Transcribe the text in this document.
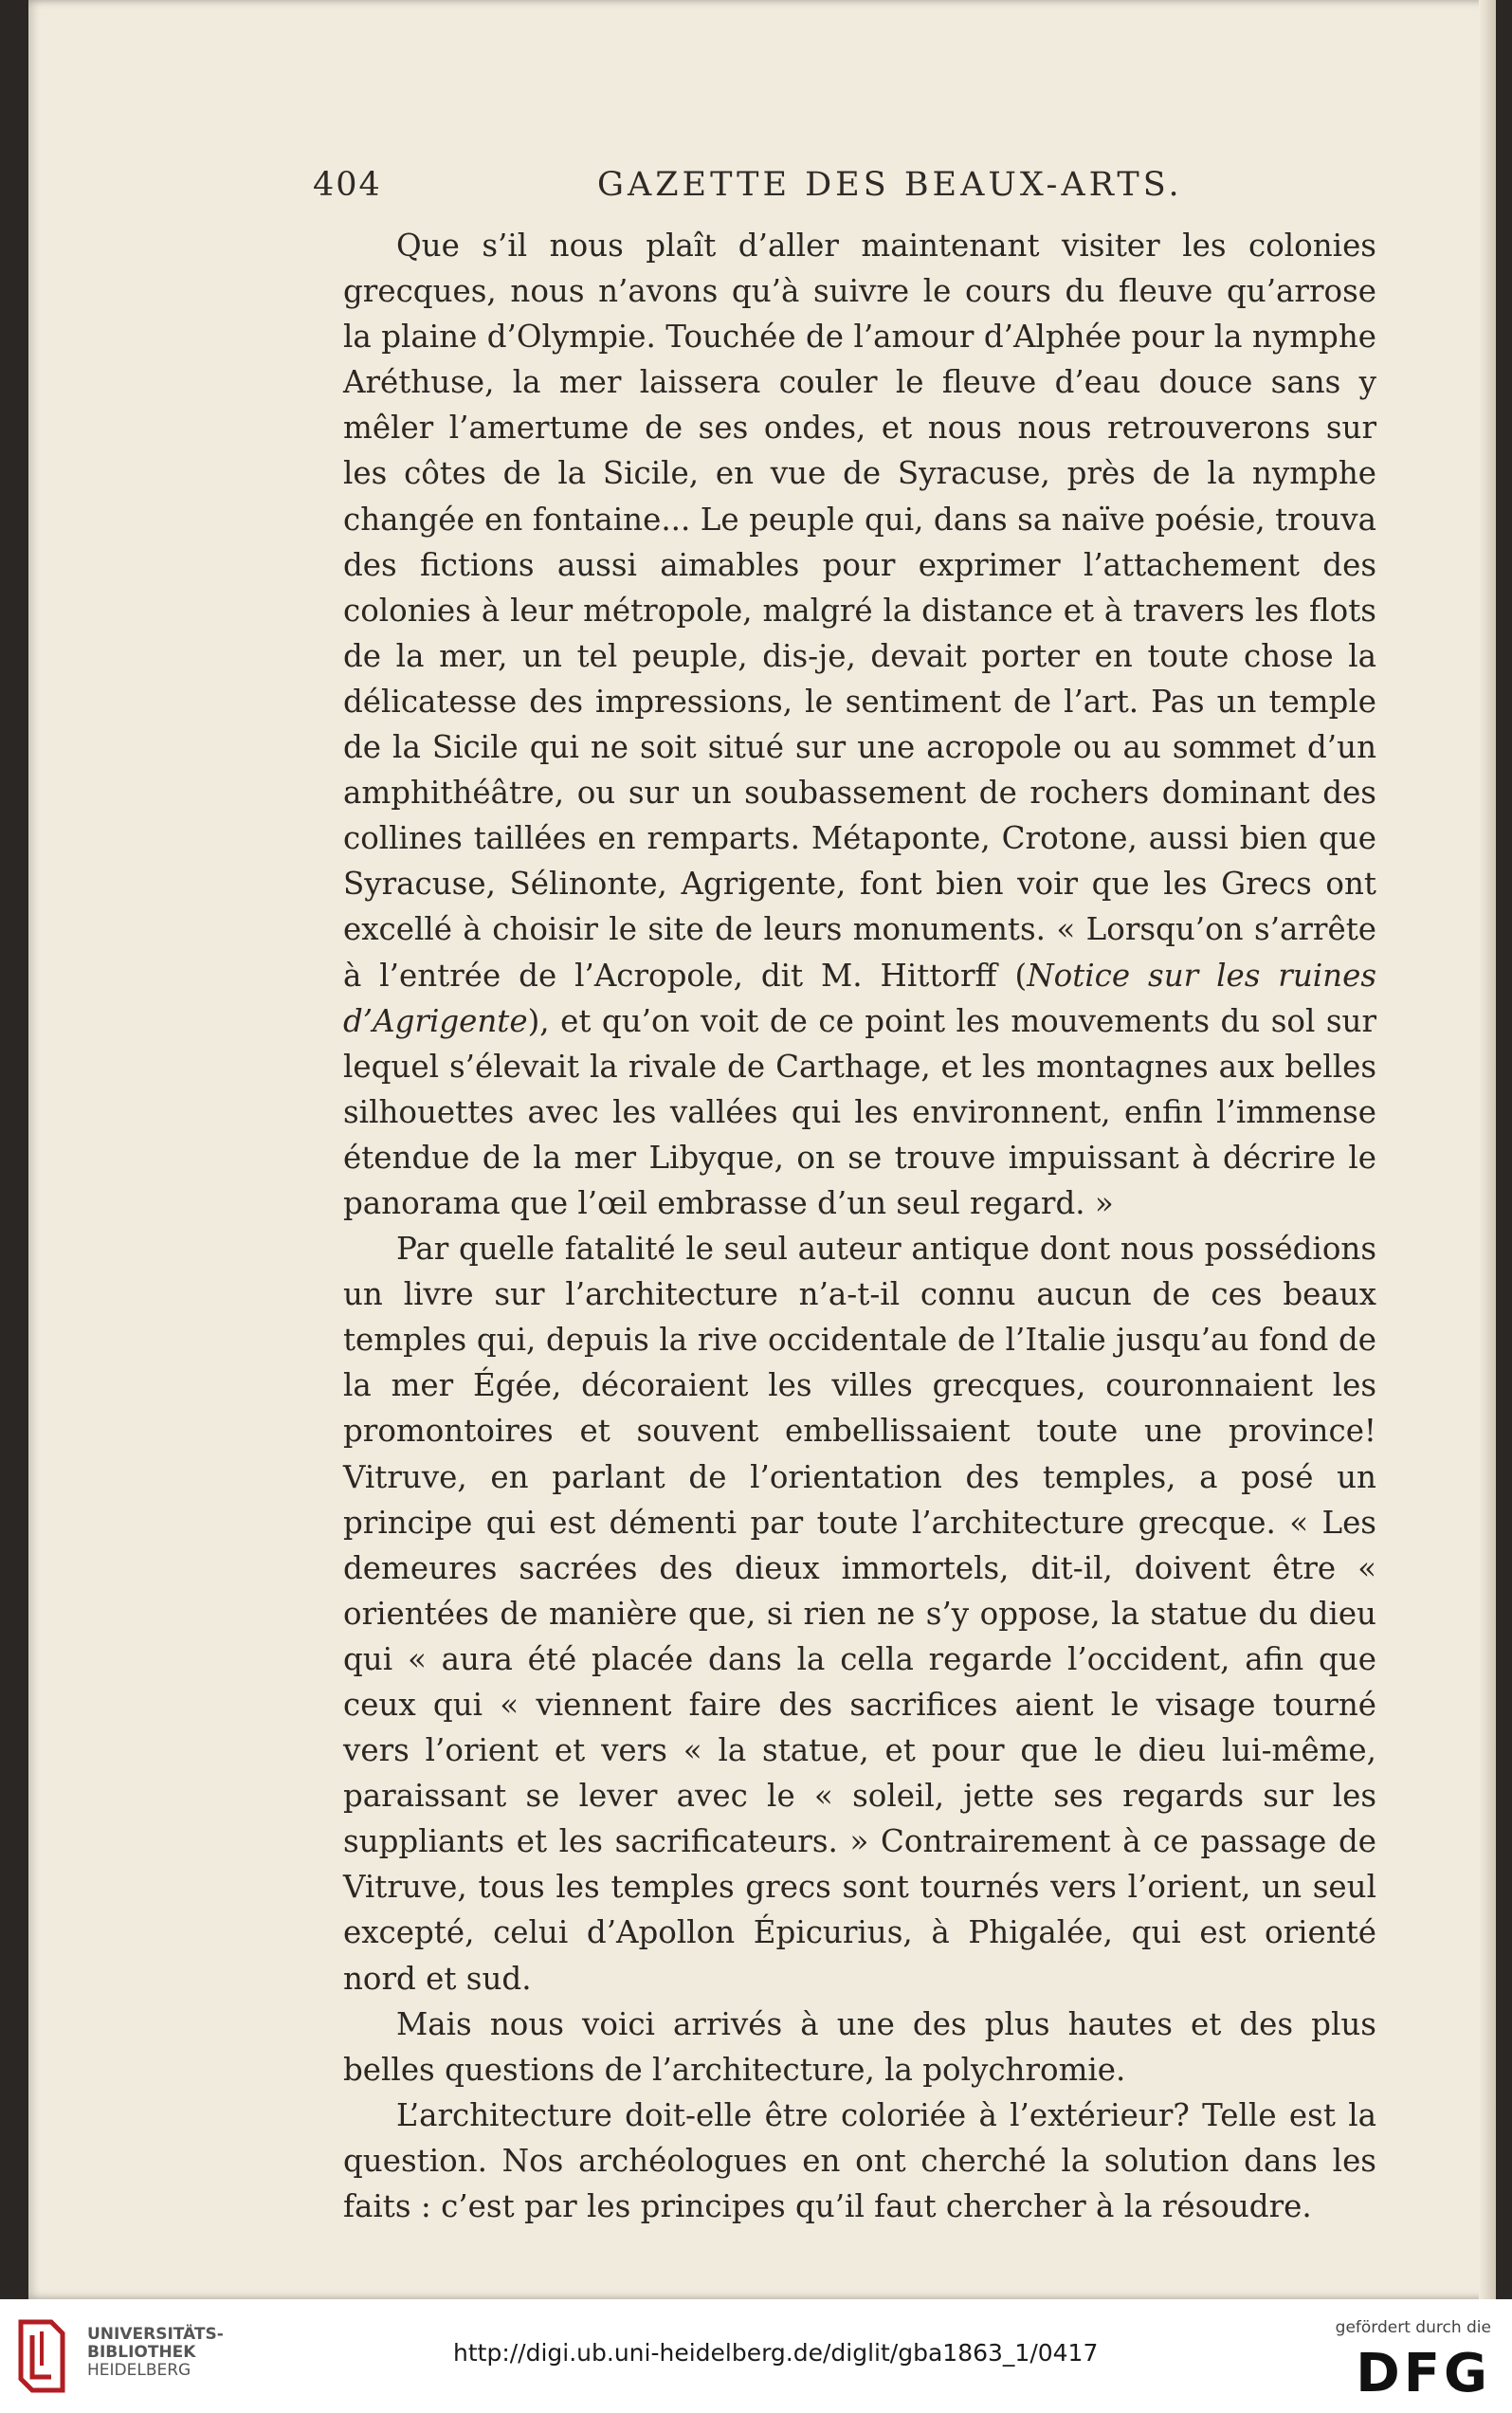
404	GAZETTE DES BEAUX-ARTS.

Que s’il nous plaît d’aller maintenant visiter les colonies grecques, nous n’avons qu’à suivre le cours du fleuve qu’arrose la plaine d’Olympie. Touchée de l’amour d’Alphée pour la nymphe Aréthuse, la mer laissera couler le fleuve d’eau douce sans y mêler l’amertume de ses ondes, et nous nous retrouverons sur les côtes de la Sicile, en vue de Syracuse, près de la nymphe changée en fontaine... Le peuple qui, dans sa naïve poésie, trouva des fictions aussi aimables pour exprimer l’attachement des colonies à leur métropole, malgré la distance et à travers les flots de la mer, un tel peuple, dis-je, devait porter en toute chose la délicatesse des impressions, le sentiment de l’art. Pas un temple de la Sicile qui ne soit situé sur une acropole ou au sommet d’un amphithéâtre, ou sur un soubassement de rochers dominant des collines taillées en remparts. Métaponte, Crotone, aussi bien que Syracuse, Sélinonte, Agrigente, font bien voir que les Grecs ont excellé à choisir le site de leurs monuments. « Lorsqu’on s’arrête à l’entrée de l’Acropole, dit M. Hittorff (Notice sur les ruines d’Agrigente), et qu’on voit de ce point les mouvements du sol sur lequel s’élevait la rivale de Carthage, et les montagnes aux belles silhouettes avec les vallées qui les environnent, enfin l’immense étendue de la mer Libyque, on se trouve impuissant à décrire le panorama que l’œil embrasse d’un seul regard. »

Par quelle fatalité le seul auteur antique dont nous possédions un livre sur l’architecture n’a-t-il connu aucun de ces beaux temples qui, depuis la rive occidentale de l’Italie jusqu’au fond de la mer Égée, décoraient les villes grecques, couronnaient les promontoires et souvent embellissaient toute une province! Vitruve, en parlant de l’orientation des temples, a posé un principe qui est démenti par toute l’architecture grecque. « Les demeures sacrées des dieux immortels, dit-il, doivent être « orientées de manière que, si rien ne s’y oppose, la statue du dieu qui « aura été placée dans la cella regarde l’occident, afin que ceux qui « viennent faire des sacrifices aient le visage tourné vers l’orient et vers « la statue, et pour que le dieu lui-même, paraissant se lever avec le « soleil, jette ses regards sur les suppliants et les sacrificateurs. » Contrairement à ce passage de Vitruve, tous les temples grecs sont tournés vers l’orient, un seul excepté, celui d’Apollon Épicurius, à Phigalée, qui est orienté nord et sud.

Mais nous voici arrivés à une des plus hautes et des plus belles questions de l’architecture, la polychromie.

L’architecture doit-elle être coloriée à l’extérieur? Telle est la question. Nos archéologues en ont cherché la solution dans les faits : c’est par les principes qu’il faut chercher à la résoudre.

UNIVERSITÄTS-
BIBLIOTHEK
HEIDELBERG
http://digi.ub.uni-heidelberg.de/diglit/gba1863_1/0417
gefördert durch die
DFG
